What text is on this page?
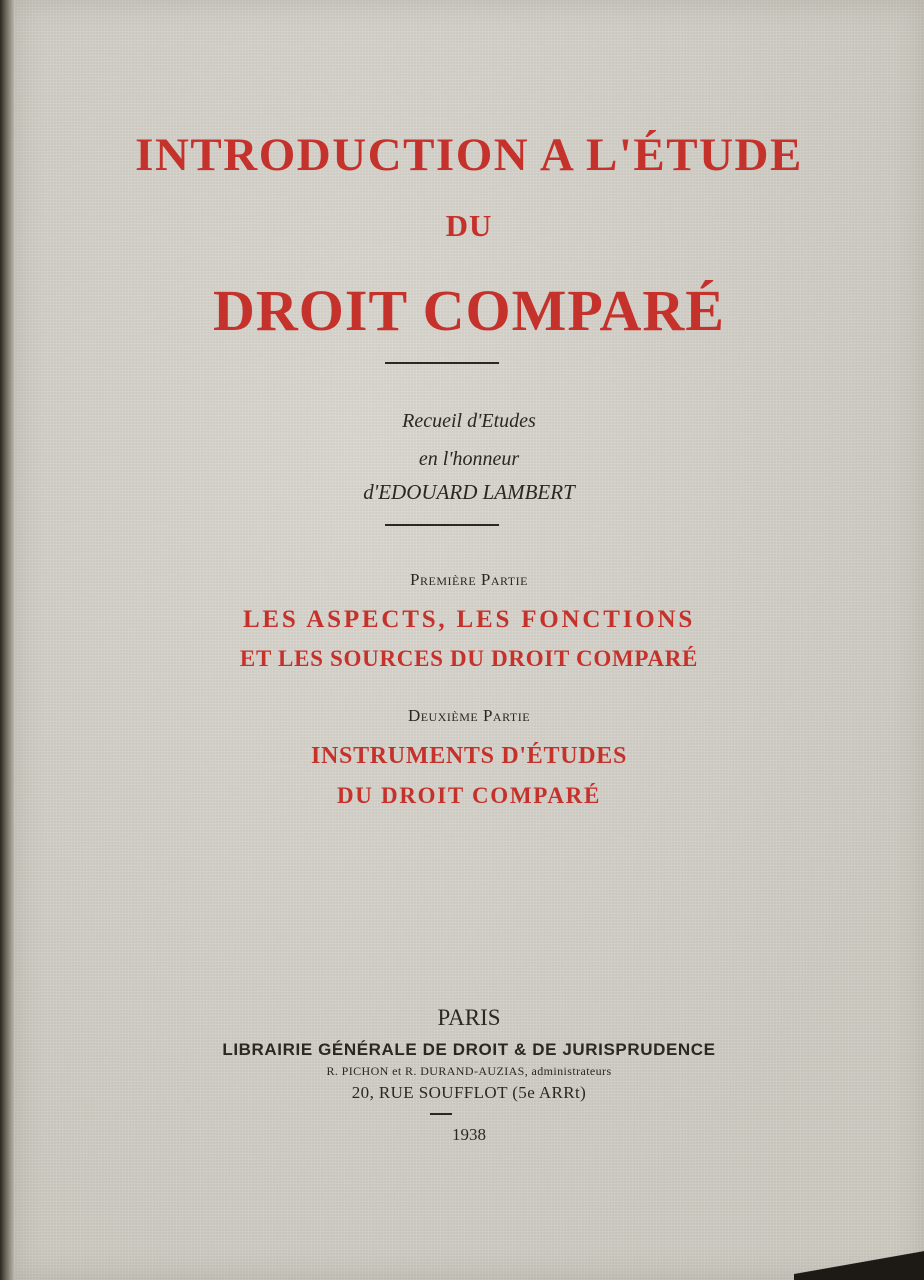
INTRODUCTION A L'ÉTUDE
DU
DROIT COMPARÉ
Recueil d'Etudes
en l'honneur
d'EDOUARD LAMBERT
Première Partie
LES ASPECTS, LES FONCTIONS
ET LES SOURCES DU DROIT COMPARÉ
Deuxième Partie
INSTRUMENTS D'ÉTUDES
DU DROIT COMPARÉ
PARIS
LIBRAIRIE GÉNÉRALE DE DROIT & DE JURISPRUDENCE
R. PICHON et R. DURAND-AUZIAS, administrateurs
20, RUE SOUFFLOT (5e ARRt)
1938
